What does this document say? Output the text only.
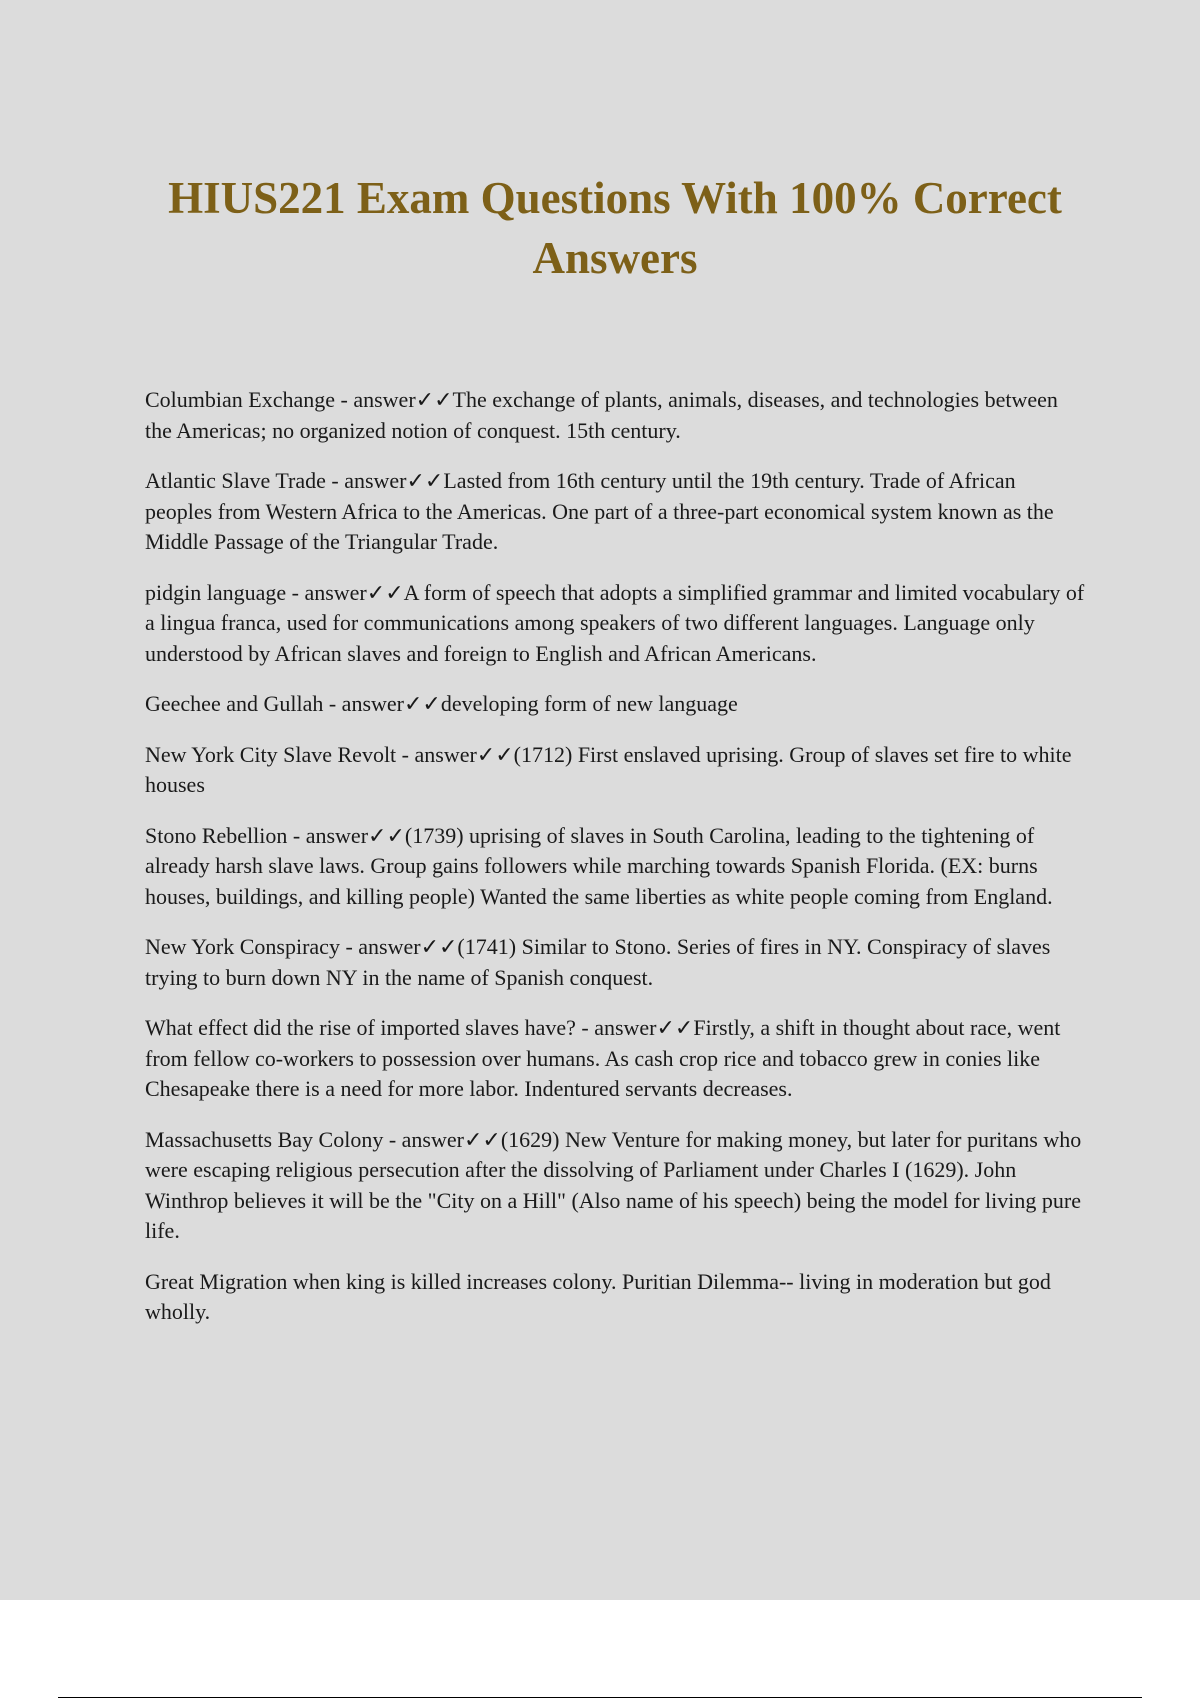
HIUS221 Exam Questions With 100% Correct Answers

Columbian Exchange - answer✓✓The exchange of plants, animals, diseases, and technologies between the Americas; no organized notion of conquest. 15th century.

Atlantic Slave Trade - answer✓✓Lasted from 16th century until the 19th century. Trade of African peoples from Western Africa to the Americas. One part of a three-part economical system known as the Middle Passage of the Triangular Trade.

pidgin language - answer✓✓A form of speech that adopts a simplified grammar and limited vocabulary of a lingua franca, used for communications among speakers of two different languages. Language only understood by African slaves and foreign to English and African Americans.

Geechee and Gullah - answer✓✓developing form of new language

New York City Slave Revolt - answer✓✓(1712) First enslaved uprising. Group of slaves set fire to white houses

Stono Rebellion - answer✓✓(1739) uprising of slaves in South Carolina, leading to the tightening of already harsh slave laws. Group gains followers while marching towards Spanish Florida. (EX: burns houses, buildings, and killing people) Wanted the same liberties as white people coming from England.

New York Conspiracy - answer✓✓(1741) Similar to Stono. Series of fires in NY. Conspiracy of slaves trying to burn down NY in the name of Spanish conquest.

What effect did the rise of imported slaves have? - answer✓✓Firstly, a shift in thought about race, went from fellow co-workers to possession over humans. As cash crop rice and tobacco grew in conies like Chesapeake there is a need for more labor. Indentured servants decreases.

Massachusetts Bay Colony - answer✓✓(1629) New Venture for making money, but later for puritans who were escaping religious persecution after the dissolving of Parliament under Charles I (1629). John Winthrop believes it will be the "City on a Hill" (Also name of his speech) being the model for living pure life.

Great Migration when king is killed increases colony. Puritian Dilemma-- living in moderation but god wholly.
